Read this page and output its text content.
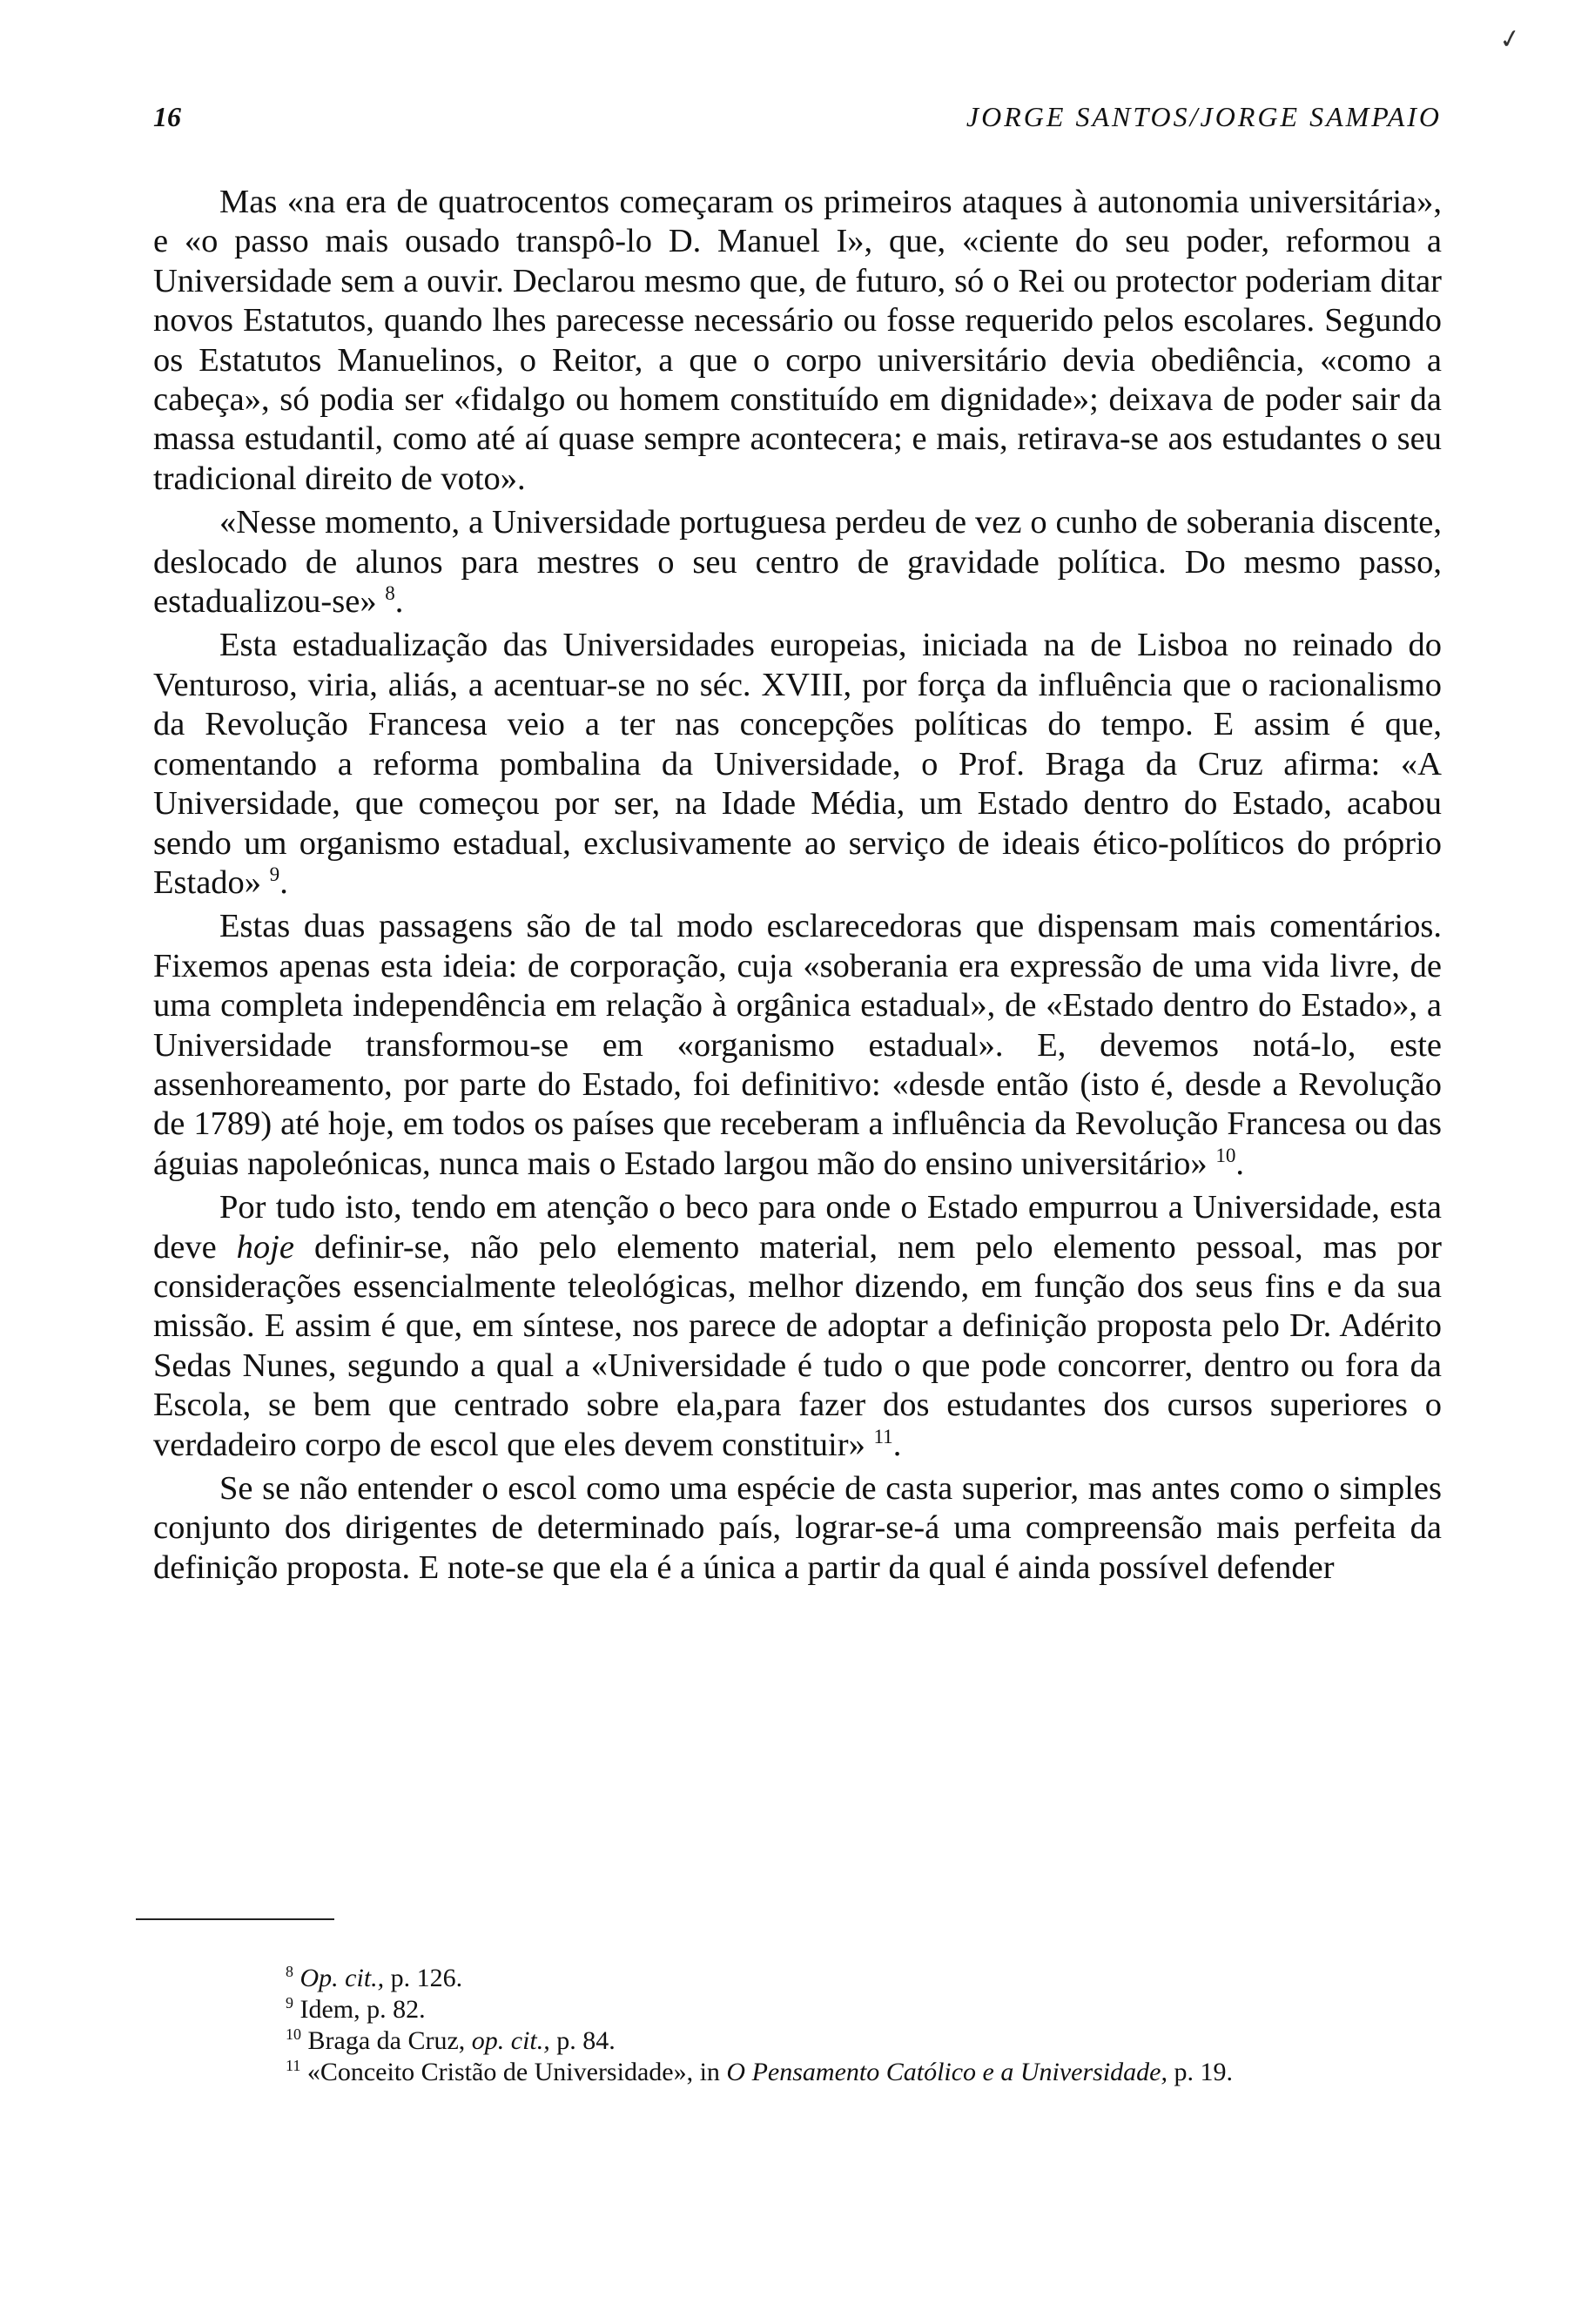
✓
16	JORGE SANTOS/JORGE SAMPAIO

Mas «na era de quatrocentos começaram os primeiros ataques à autonomia universitária», e «o passo mais ousado transpô-lo D. Manuel I», que, «ciente do seu poder, reformou a Universidade sem a ouvir. Declarou mesmo que, de futuro, só o Rei ou protector poderiam ditar novos Estatutos, quando lhes parecesse necessário ou fosse requerido pelos escolares. Segundo os Estatutos Manuelinos, o Reitor, a que o corpo universitário devia obediência, «como a cabeça», só podia ser «fidalgo ou homem constituído em dignidade»; deixava de poder sair da massa estudantil, como até aí quase sempre acontecera; e mais, retirava-se aos estudantes o seu tradicional direito de voto».

«Nesse momento, a Universidade portuguesa perdeu de vez o cunho de soberania discente, deslocado de alunos para mestres o seu centro de gravidade política. Do mesmo passo, estadualizou-se» $^8$.

Esta estadualização das Universidades europeias, iniciada na de Lisboa no reinado do Venturoso, viria, aliás, a acentuar-se no séc. XVIII, por força da influência que o racionalismo da Revolução Francesa veio a ter nas concepções políticas do tempo. E assim é que, comentando a reforma pombalina da Universidade, o Prof. Braga da Cruz afirma: «A Universidade, que começou por ser, na Idade Média, um Estado dentro do Estado, acabou sendo um organismo estadual, exclusivamente ao serviço de ideais ético-políticos do próprio Estado» $^9$.

Estas duas passagens são de tal modo esclarecedoras que dispensam mais comentários. Fixemos apenas esta ideia: de corporação, cuja «soberania era expressão de uma vida livre, de uma completa independência em relação à orgânica estadual», de «Estado dentro do Estado», a Universidade transformou-se em «organismo estadual». E, devemos notá-lo, este assenhoreamento, por parte do Estado, foi definitivo: «desde então (isto é, desde a Revolução de 1789) até hoje, em todos os países que receberam a influência da Revolução Francesa ou das águias napoleónicas, nunca mais o Estado largou mão do ensino universitário» $^{10}$.

Por tudo isto, tendo em atenção o beco para onde o Estado empurrou a Universidade, esta deve hoje definir-se, não pelo elemento material, nem pelo elemento pessoal, mas por considerações essencialmente teleológicas, melhor dizendo, em função dos seus fins e da sua missão. E assim é que, em síntese, nos parece de adoptar a definição proposta pelo Dr. Adérito Sedas Nunes, segundo a qual a «Universidade é tudo o que pode concorrer, dentro ou fora da Escola, se bem que centrado sobre ela,para fazer dos estudantes dos cursos superiores o verdadeiro corpo de escol que eles devem constituir» $^{11}$.

Se se não entender o escol como uma espécie de casta superior, mas antes como o simples conjunto dos dirigentes de determinado país, lograr-se-á uma compreensão mais perfeita da definição proposta. E note-se que ela é a única a partir da qual é ainda possível defender

$^8$ Op. cit., p. 126.

$^9$ Idem, p. 82.

$^{10}$ Braga da Cruz, op. cit., p. 84.

$^{11}$ «Conceito Cristão de Universidade», in O Pensamento Católico e a Universidade, p. 19.
